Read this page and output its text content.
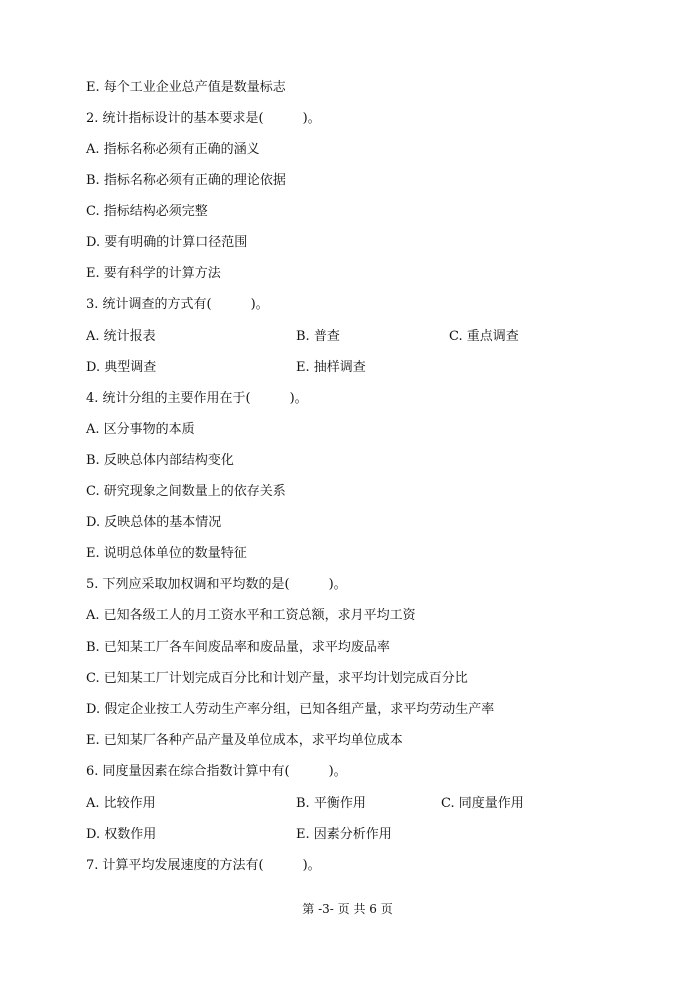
E. 每个工业企业总产值是数量标志
2. 统计指标设计的基本要求是(　　　)。
A. 指标名称必须有正确的涵义
B. 指标名称必须有正确的理论依据
C. 指标结构必须完整
D. 要有明确的计算口径范围
E. 要有科学的计算方法
3. 统计调查的方式有(　　　)。
A. 统计报表	B. 普查	C. 重点调查
D. 典型调查	E. 抽样调查
4. 统计分组的主要作用在于(　　　)。
A. 区分事物的本质
B. 反映总体内部结构变化
C. 研究现象之间数量上的依存关系
D. 反映总体的基本情况
E. 说明总体单位的数量特征
5. 下列应采取加权调和平均数的是(　　　)。
A. 已知各级工人的月工资水平和工资总额，求月平均工资
B. 已知某工厂各车间废品率和废品量，求平均废品率
C. 已知某工厂计划完成百分比和计划产量，求平均计划完成百分比
D. 假定企业按工人劳动生产率分组，已知各组产量，求平均劳动生产率
E. 已知某厂各种产品产量及单位成本，求平均单位成本
6. 同度量因素在综合指数计算中有(　　　)。
A. 比较作用	B. 平衡作用	C. 同度量作用
D. 权数作用	E. 因素分析作用
7. 计算平均发展速度的方法有(　　　)。
第 -3- 页 共 6 页
